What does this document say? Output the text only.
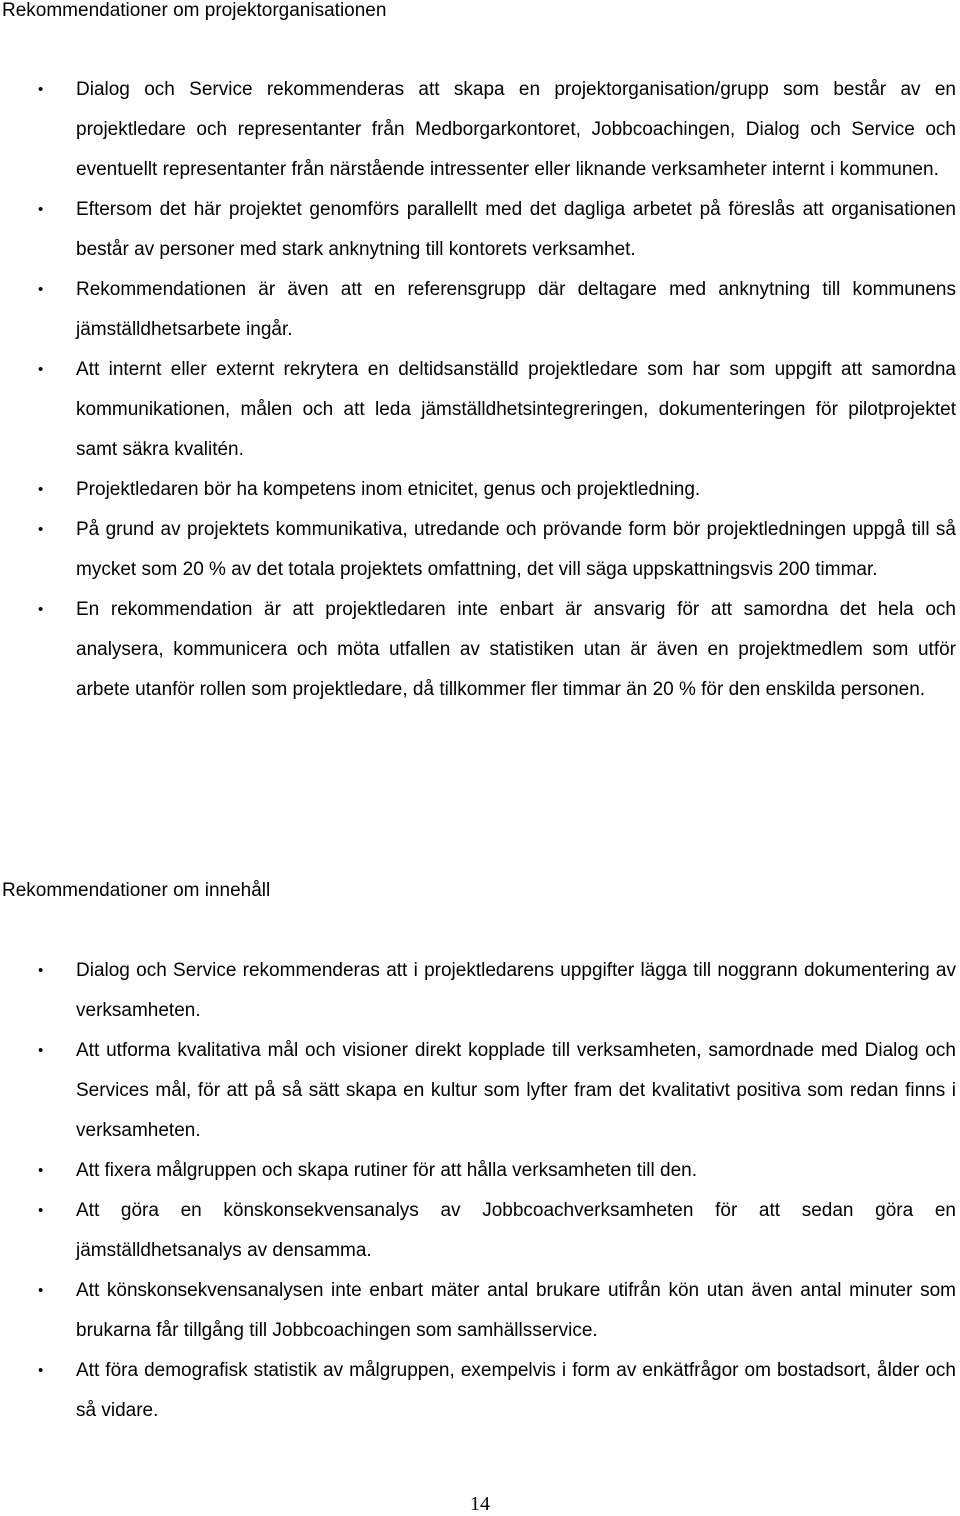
Rekommendationer om projektorganisationen
•	Dialog och Service rekommenderas att skapa en projektorganisation/grupp som består av en projektledare och representanter från Medborgarkontoret, Jobbcoachingen, Dialog och Service och eventuellt representanter från närstående intressenter eller liknande verksamheter internt i kommunen.
•	Eftersom det här projektet genomförs parallellt med det dagliga arbetet på föreslås att organisationen består av personer med stark anknytning till kontorets verksamhet.
•	Rekommendationen är även att en referensgrupp där deltagare med anknytning till kommunens jämställdhetsarbete ingår.
•	Att internt eller externt rekrytera en deltidsanställd projektledare som har som uppgift att samordna kommunikationen, målen och att leda jämställdhetsintegreringen, dokumenteringen för pilotprojektet samt säkra kvalitén.
•	Projektledaren bör ha kompetens inom etnicitet, genus och projektledning.
•	På grund av projektets kommunikativa, utredande och prövande form bör projektledningen uppgå till så mycket som 20 % av det totala projektets omfattning, det vill säga uppskattningsvis 200 timmar.
•	En rekommendation är att projektledaren inte enbart är ansvarig för att samordna det hela och analysera, kommunicera och möta utfallen av statistiken utan är även en projektmedlem som utför arbete utanför rollen som projektledare, då tillkommer fler timmar än 20 % för den enskilda personen.
Rekommendationer om innehåll
•	Dialog och Service rekommenderas att i projektledarens uppgifter lägga till noggrann dokumentering av verksamheten.
•	Att utforma kvalitativa mål och visioner direkt kopplade till verksamheten, samordnade med Dialog och Services mål, för att på så sätt skapa en kultur som lyfter fram det kvalitativt positiva som redan finns i verksamheten.
•	Att fixera målgruppen och skapa rutiner för att hålla verksamheten till den.
•	Att göra en könskonsekvensanalys av Jobbcoachverksamheten för att sedan göra en jämställdhetsanalys av densamma.
•	Att könskonsekvensanalysen inte enbart mäter antal brukare utifrån kön utan även antal minuter som brukarna får tillgång till Jobbcoachingen som samhällsservice.
•	Att föra demografisk statistik av målgruppen, exempelvis i form av enkätfrågor om bostadsort, ålder och så vidare.
14
